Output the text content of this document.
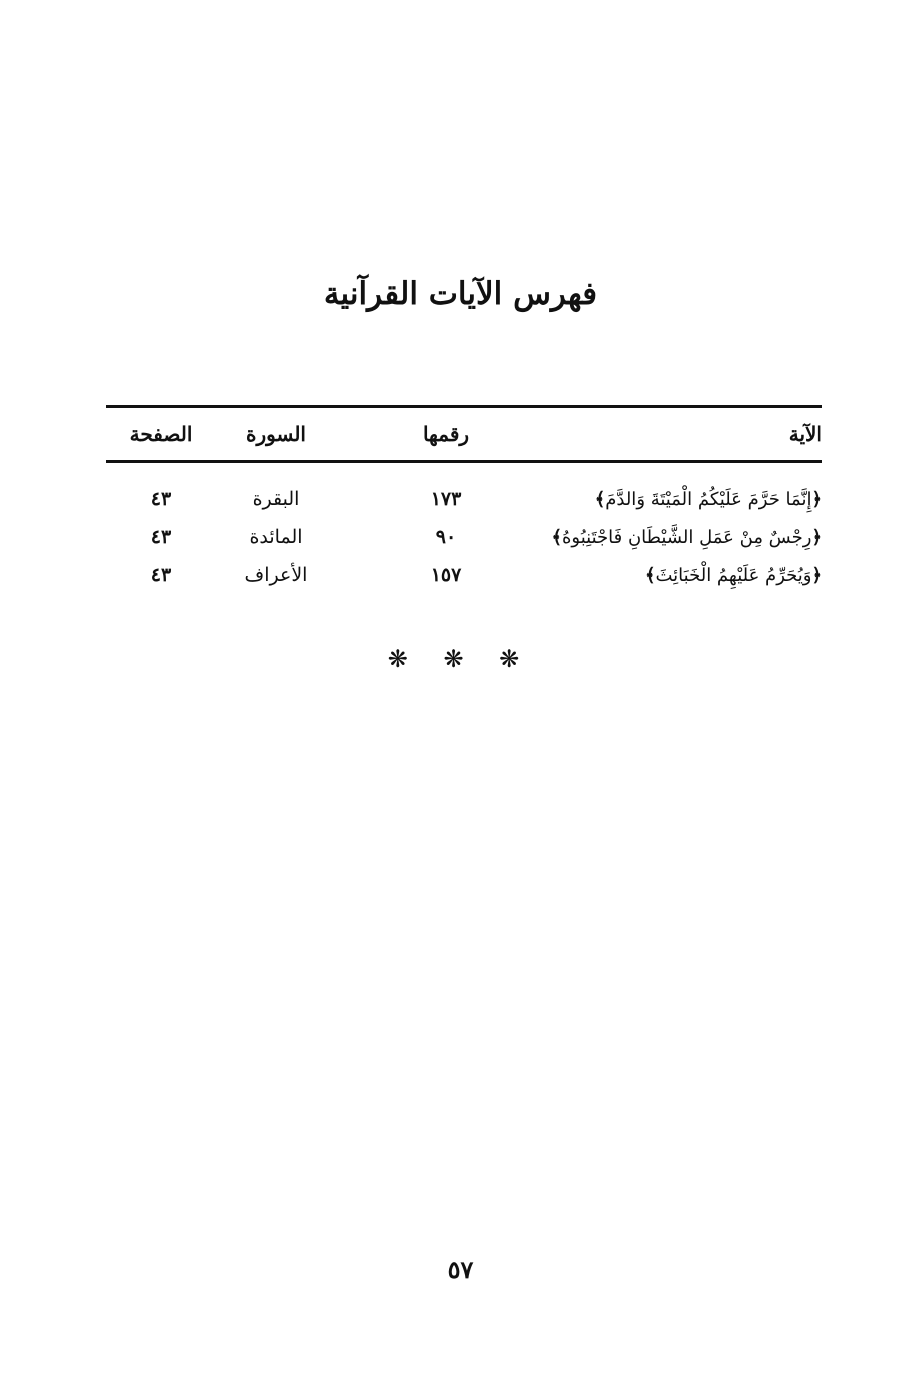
فهرس الآيات القرآنية
الآية
رقمها
السورة
الصفحة
﴿
إِنَّمَا حَرَّمَ عَلَيْكُمُ الْمَيْتَةَ وَالدَّمَ
﴾
١٧٣
البقرة
٤٣
﴿
رِجْسٌ مِنْ عَمَلِ الشَّيْطَانِ فَاجْتَنِبُوهُ
﴾
٩٠
المائدة
٤٣
﴿
وَيُحَرِّمُ عَلَيْهِمُ الْخَبَائِثَ
﴾
١٥٧
الأعراف
٤٣
❋ ❋ ❋
٥٧
